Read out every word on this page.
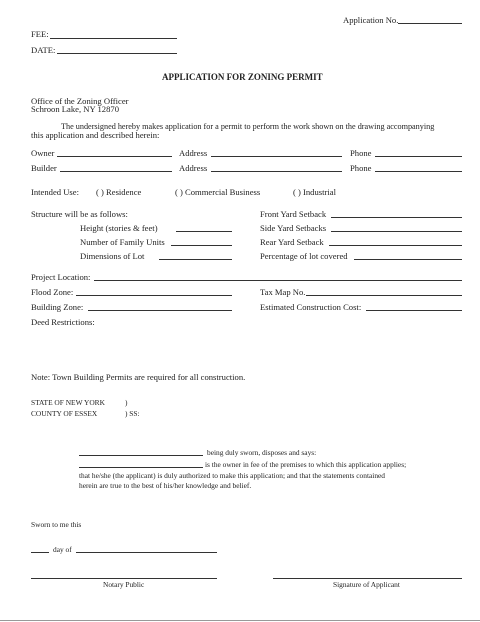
Application No.
FEE:
DATE:
APPLICATION FOR ZONING PERMIT
Office of the Zoning Officer
Schroon Lake, NY 12870
The undersigned hereby makes application for a permit to perform the work shown on the drawing accompanying
this application and described herein:
Owner	Address	Phone
Builder	Address	Phone
Intended Use: ( ) Residence	( ) Commercial Business	( ) Industrial
Structure will be as follows:
Height (stories & feet)
Number of Family Units
Dimensions of Lot
Front Yard Setback
Side Yard Setbacks
Rear Yard Setback
Percentage of lot covered
Project Location:
Flood Zone:	Tax Map No.
Building Zone:	Estimated Construction Cost:
Deed Restrictions:
Note: Town Building Permits are required for all construction.
STATE OF NEW YORK	)
COUNTY OF ESSEX	) SS:
being duly sworn, disposes and says:
is the owner in fee of the premises to which this application applies;
that he/she (the applicant) is duly authorized to make this application; and that the statements contained
herein are true to the best of his/her knowledge and belief.
Sworn to me this
day of
Notary Public	Signature of Applicant
